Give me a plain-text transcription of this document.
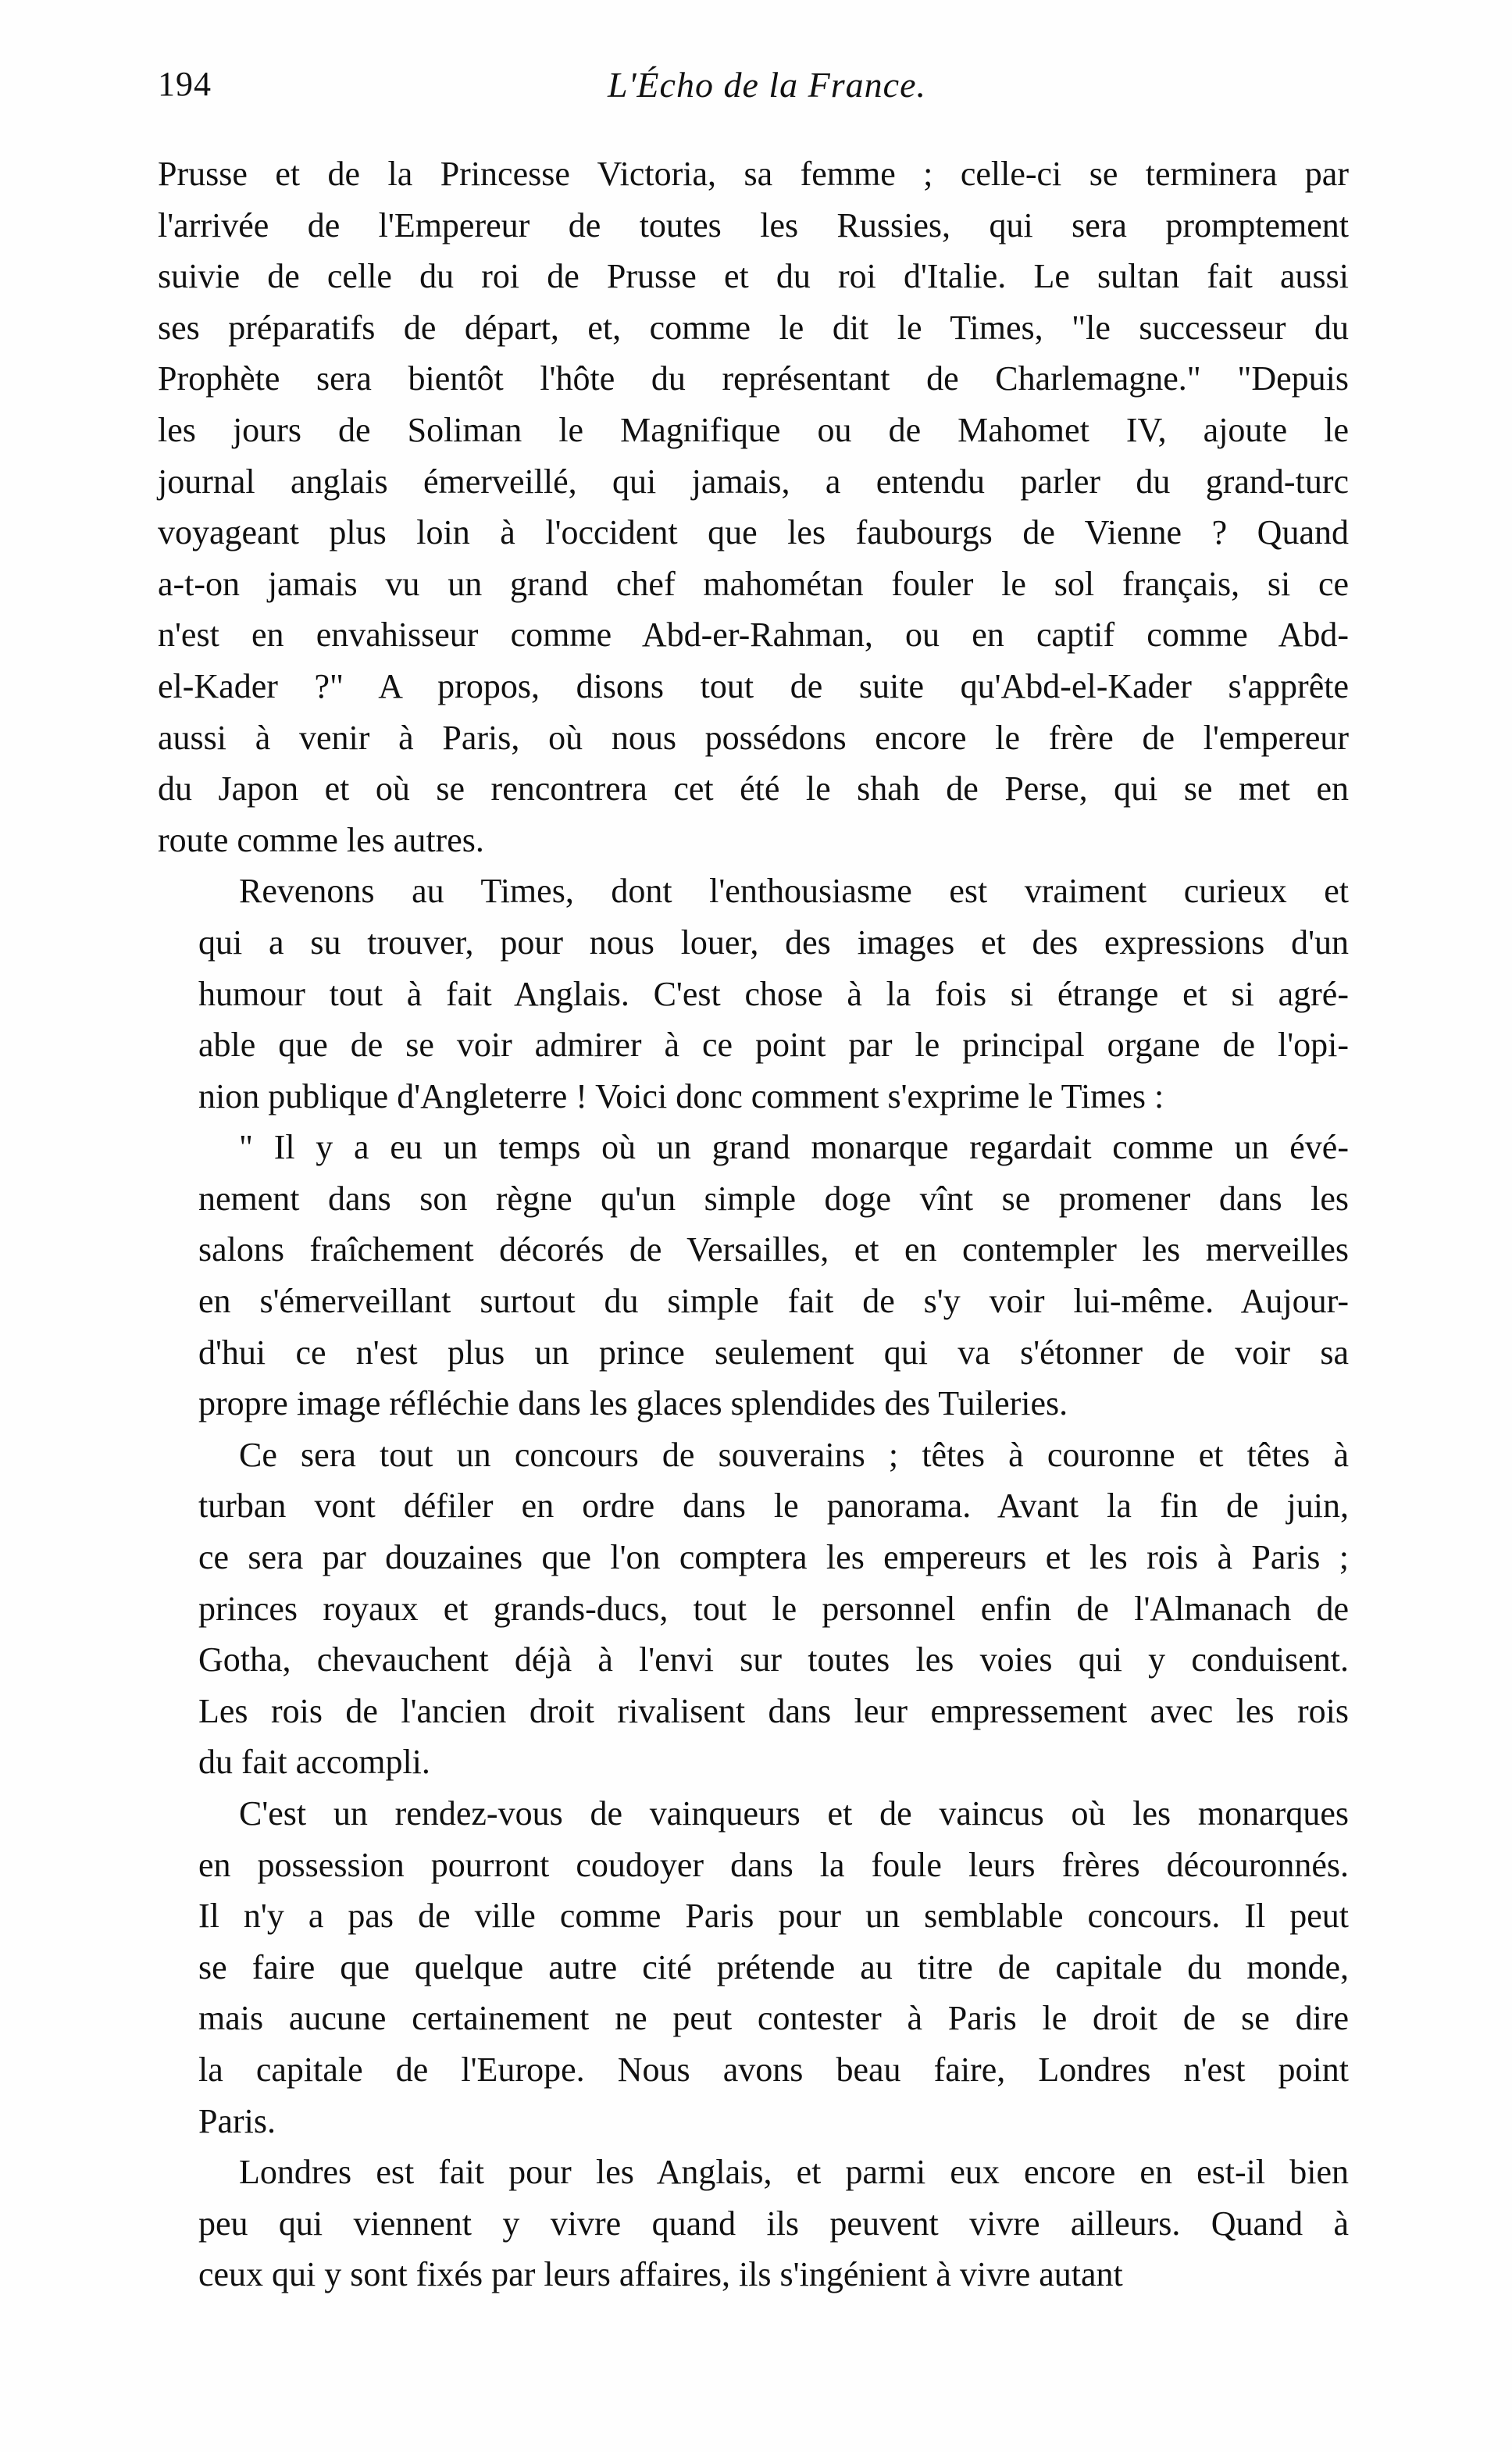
194	L'Écho de la France.
Prusse et de la Princesse Victoria, sa femme ; celle-ci se terminera par
l'arrivée de l'Empereur de toutes les Russies, qui sera promptement
suivie de celle du roi de Prusse et du roi d'Italie. Le sultan fait aussi
ses préparatifs de départ, et, comme le dit le Times, "le successeur du
Prophète sera bientôt l'hôte du représentant de Charlemagne." "Depuis
les jours de Soliman le Magnifique ou de Mahomet IV, ajoute le
journal anglais émerveillé, qui jamais, a entendu parler du grand-turc
voyageant plus loin à l'occident que les faubourgs de Vienne ? Quand
a-t-on jamais vu un grand chef mahométan fouler le sol français, si ce
n'est en envahisseur comme Abd-er-Rahman, ou en captif comme Abd-
el-Kader ?" A propos, disons tout de suite qu'Abd-el-Kader s'apprête
aussi à venir à Paris, où nous possédons encore le frère de l'empereur
du Japon et où se rencontrera cet été le shah de Perse, qui se met en
route comme les autres.
Revenons au Times, dont l'enthousiasme est vraiment curieux et
qui a su trouver, pour nous louer, des images et des expressions d'un
humour tout à fait Anglais. C'est chose à la fois si étrange et si agré-
able que de se voir admirer à ce point par le principal organe de l'opi-
nion publique d'Angleterre ! Voici donc comment s'exprime le Times :
" Il y a eu un temps où un grand monarque regardait comme un évé-
nement dans son règne qu'un simple doge vînt se promener dans les
salons fraîchement décorés de Versailles, et en contempler les merveilles
en s'émerveillant surtout du simple fait de s'y voir lui-même. Aujour-
d'hui ce n'est plus un prince seulement qui va s'étonner de voir sa
propre image réfléchie dans les glaces splendides des Tuileries.
Ce sera tout un concours de souverains ; têtes à couronne et têtes à
turban vont défiler en ordre dans le panorama. Avant la fin de juin,
ce sera par douzaines que l'on comptera les empereurs et les rois à Paris ;
princes royaux et grands-ducs, tout le personnel enfin de l'Almanach de
Gotha, chevauchent déjà à l'envi sur toutes les voies qui y conduisent.
Les rois de l'ancien droit rivalisent dans leur empressement avec les rois
du fait accompli.
C'est un rendez-vous de vainqueurs et de vaincus où les monarques
en possession pourront coudoyer dans la foule leurs frères découronnés.
Il n'y a pas de ville comme Paris pour un semblable concours. Il peut
se faire que quelque autre cité prétende au titre de capitale du monde,
mais aucune certainement ne peut contester à Paris le droit de se dire
la capitale de l'Europe. Nous avons beau faire, Londres n'est point
Paris.
Londres est fait pour les Anglais, et parmi eux encore en est-il bien
peu qui viennent y vivre quand ils peuvent vivre ailleurs. Quand à
ceux qui y sont fixés par leurs affaires, ils s'ingénient à vivre autant
